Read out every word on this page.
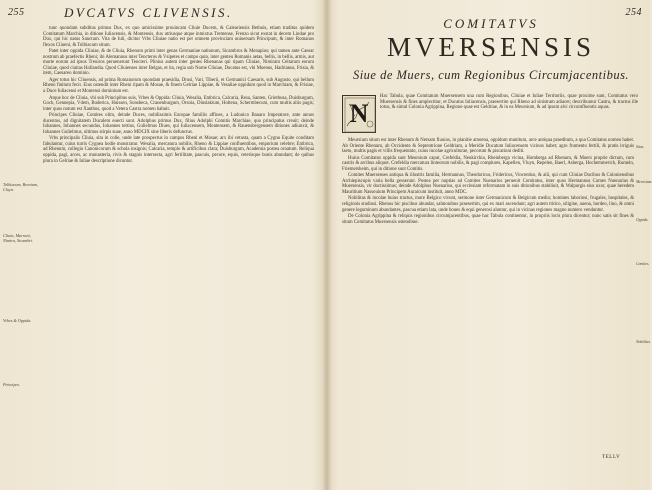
255	DVCATVS CLIVENSIS.
Tolbiacum, Brenium, Cluyn.
Cliuia, Marrani, Nimira, Sicambri.
Vrbes & Oppida.
Principes.

tunc quondam subditus primus Dux, ex quo amicissime prouincam Cliuie Ducem, & Caleariensis Bethuis, etiam traditus quidem Comitatum Marchia, in ditione Iuliacensis, & Montensis, dux utriusque atque inmixtus Tremense, Frenzo sicut exstat in decem Lindae pro Dux, qui hic natus Sanctum. Vita de Iuli, dicitur Vrbs Cliuiae natio est per omnem provinciam uniuersam Principum, & inter Romanos flexos Cliueni, & Tolbiacum situm.

Patet inter oppida Cliuiae, & de Cliuia, Rhenum primi inter genas Germaniae nationum, Sicambros & Menapios; qui tamen ante Caesar nostrum ab praefectis Rheni; ibi Alemannus inter Tencteros & Vsipetes et campo quin, inter genteu Romanis aetas, bellis, in bellis, armis, aut morte eorum ad ipsos Treuiros peruenerunt Tencteri. Plinius autem inter gentes Rhenanas qui ripam Cliuiae, Nimiram Celtarum eorum Cliuiae, quod ciuitas Hollandia. Quod Cliuienses inter Belgas, et ita, regia sub Nome Cliuiae, Ducatus est, vbi Moenus, Hadrianus, Frisia, & item, Caesareo dominio.

Ager totus hic Cliuensis, ad prima Romanorum quondam praesidia, Drusi, Vari, Tiberii, et Germanici Caesaris, sub Augusto, qui bellum Rheno finitum fecit. Eius ostendit inter Rheni ripam & Mosae, & finem Gelriae Lippiae, & Vesaliae oppidum quod in Marchiam, & Frisiae, a Duce Iuliacensi et Montensi dominium est.

Atque hoc de Cliuia, vbi sub Principibus suis, Vrbes & Oppida: Cliuia, Wesalia, Embrica, Calcaria, Resa, Santen, Griethusa, Duisburgum, Goch, Gennepia, Vdem, Buderica, Huissen, Sonsbeca, Cranenburgum, Orsoia, Dinslakium, Holtena, Schermbecum, cum multis aliis pagis; inter quos notum est Xanthus, quod a Vetera Castra nomen habuit.

Principes Cliuiae, Comites olim, deinde Duces, nobilissimis Europae familiis affines, a Ludouico Bauaro Imperatore, ante annos ducentos, ad dignitatem Ducalem euecti sunt. Adolphus primus Dux, filius Adolphi Comitis Marchiae, quo principatus creuit; deinde Iohannes, Iohannes secundus, Iohannes tertius, Gulielmus Diues, qui Iuliacensem, Montensem, & Rauensbergensem ditiones adiunxit, & Iohannes Gulielmus, ultimus stirpis suae, anno MDCIX sine liberis defunctus.

Vrbs principalis Cliuia, sita in colle, unde late prospectus in campos Rheni et Mosae; arx ibi vetusta, quam a Cygno Equite conditam fabulantur, cuius turris Cygnea hodie monstratur. Wesalia, mercatura nobilis, Rheno & Lippiae confluentibus, emporium celebre; Embrica, ad Rhenum, collegio Canonicorum & schola insignis; Calcaria, templo & artificibus clara; Duisburgum, Academia postea ornatum. Reliqua oppida, pagi, arces, ac monasteria, rivis & stagnis intersecta, agri fertilitate, pascuis, pecore, equis, ceterisque bonis abundant; de quibus plura in Gelriae & Iuliae descriptione dicuntur.

254
COMITATVS
MVERSENSIS
Siue de Muers, cum Regionibus Circumjacentibus.
N

Hac Tabula, quae Comitatum Muersensem una cum Regionibus, Cliuiae et Iuliae Territoriis, quae proxime sunt, Comitatus vero Muersensis & fines amplectitur, et Ducatus Iuliacensis, praesertim qui Rheno ad sinistram adiacet; describuntur Castra, & tractus ille totus, & simul Colonia Agrippina, Regione quae est Geldriae, & in ea Meursium, & ad ipsum alvi circumfluentis aquas.

Meursium situm est inter Rhenum & Nersam fluuios, in planitie amoena, oppidum munitum, arce antiqua praeditum, a qua Comitatus nomen habet. Ab Oriente Rhenum, ab Occidente & Septentrione Geldriam, a Meridie Ducatum Iuliacensem vicinos habet; agro frumento fertili, & pratis irriguis laeto, multis pagis et villis frequentato, cuius incolae agriculturae, pecorum & piscationi dediti.

Huius Comitatus oppida sunt Meursium caput, Crefeldia, Neukirchia, Rheinberga vicina, Homberga ad Rhenum, & Moers proprie dictum, cum castris & arcibus aliquot. Crefeldia mercatura linteorum nobilis, & pagi complures, Kapellen, Vluyn, Repelen, Baerl, Asberga, Hochemmerich, Rumeln, Friemersheim, qui in ditione sunt Comitis.

Comites Muersenses antiqua & illustris familia, Hermannus, Theodoricus, Fridericus, Vincentius, & alii, qui cum Cliuiae Ducibus & Coloniensibus Archiepiscopis varia bella gesserunt. Postea per nuptias ad Comites Nuenarios peruenit Comitatus, inter quos Hermannus Comes Nuenarius & Muersensis, vir doctissimus; deinde Adolphus Nuenarius, qui ecclesiam reformatam in suis ditionibus stabiliuit, & Walpurgis eius uxor, quae heredem Mauritium Nassouium Principem Auraicum instituit, anno MDC.

Nobilitas & incolae huius tractus, more Belgico vivunt, sermone inter Germanicum & Belgicum medio; homines laboriosi, frugales, hospitales, & religionis studiosi. Rhenus hic piscibus abundat, salmonibus praesertim, qui ex mari ascendunt; agri autem tritico, siligine, auena, hordeo, lino, & omni genere leguminum abundantes, pascua etiam lata, unde boues & equi generosi aluntur, qui in vicinas regiones magno numero venduntur.

De Colonia Agrippina & reliquis regionibus circumjacentibus, quae hac Tabula continentur, in propriis locis plura dicentur; nunc satis sit fines & situm Comitatus Muersensis ostendisse.

Situs.
Meursium.
Oppida.
Comites.
Nobilitas.
TELLV
